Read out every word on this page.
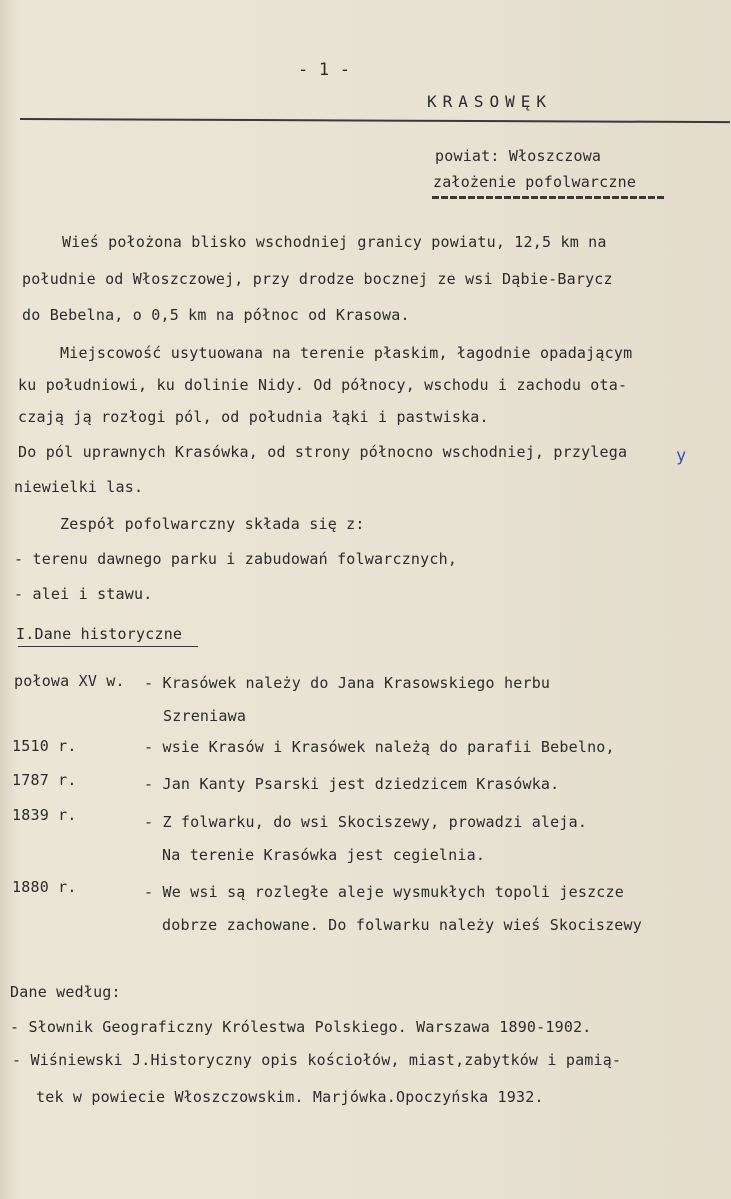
- 1 -
KRASOWĘK
powiat: Włoszczowa
założenie pofolwarczne
Wieś położona blisko wschodniej granicy powiatu, 12,5 km na
południe od Włoszczowej, przy drodze bocznej ze wsi Dąbie-Barycz
do Bebelna, o 0,5 km na północ od Krasowa.
Miejscowość usytuowana na terenie płaskim, łagodnie opadającym
ku południowi, ku dolinie Nidy. Od północy, wschodu i zachodu ota-
czają ją rozłogi pól, od południa łąki i pastwiska.
Do pól uprawnych Krasówka, od strony północno wschodniej, przylega
niewielki las.
y
Zespół pofolwarczny składa się z:
- terenu dawnego parku i zabudowań folwarcznych,
- alei i stawu.
I.Dane historyczne
połowa XV w. - Krasówek należy do Jana Krasowskiego herbu
Szreniawa
1510 r.	- wsie Krasów i Krasówek należą do parafii Bebelno,
1787 r.	- Jan Kanty Psarski jest dziedzicem Krasówka.
1839 r.	- Z folwarku, do wsi Skociszewy, prowadzi aleja.
Na terenie Krasówka jest cegielnia.
1880 r.	- We wsi są rozległe aleje wysmukłych topoli jeszcze
dobrze zachowane. Do folwarku należy wieś Skociszewy
Dane według:
- Słownik Geograficzny Królestwa Polskiego. Warszawa 1890-1902.
- Wiśniewski J.Historyczny opis kościołów, miast,zabytków i pamią-
tek w powiecie Włoszczowskim. Marjówka.Opoczyńska 1932.
